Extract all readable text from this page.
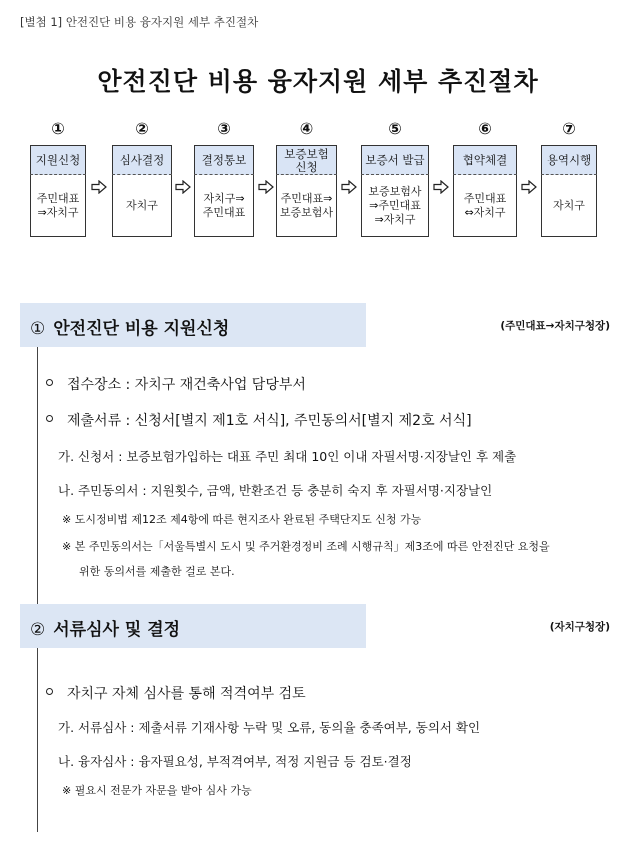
[별첨 1] 안전진단 비용 융자지원 세부 추진절차
안전진단 비용 융자지원 세부 추진절차
①
지원신청
주민대표
⇒자치구
②
심사결정
자치구
③
결정통보
자치구⇒
주민대표
④
보증보험 신청
주민대표⇒
보증보험사
⑤
보증서 발급
보증보험사
⇒주민대표
⇒자치구
⑥
협약체결
주민대표
⇔자치구
⑦
용역시행
자치구
① 안전진단 비용 지원신청	(주민대표→자치구청장)
접수장소 : 자치구 재건축사업 담당부서
제출서류 : 신청서[별지 제1호 서식], 주민동의서[별지 제2호 서식]
가. 신청서 : 보증보험가입하는 대표 주민 최대 10인 이내 자필서명·지장날인 후 제출
나. 주민동의서 : 지원횟수, 금액, 반환조건 등 충분히 숙지 후 자필서명·지장날인
※ 도시정비법 제12조 제4항에 따른 현지조사 완료된 주택단지도 신청 가능
※ 본 주민동의서는「서울특별시 도시 및 주거환경정비 조례 시행규칙」제3조에 따른 안전진단 요청을
위한 동의서를 제출한 걸로 본다.
② 서류심사 및 결정	(자치구청장)
자치구 자체 심사를 통해 적격여부 검토
가. 서류심사 : 제출서류 기재사항 누락 및 오류, 동의율 충족여부, 동의서 확인
나. 융자심사 : 융자필요성, 부적격여부, 적정 지원금 등 검토·결정
※ 필요시 전문가 자문을 받아 심사 가능
